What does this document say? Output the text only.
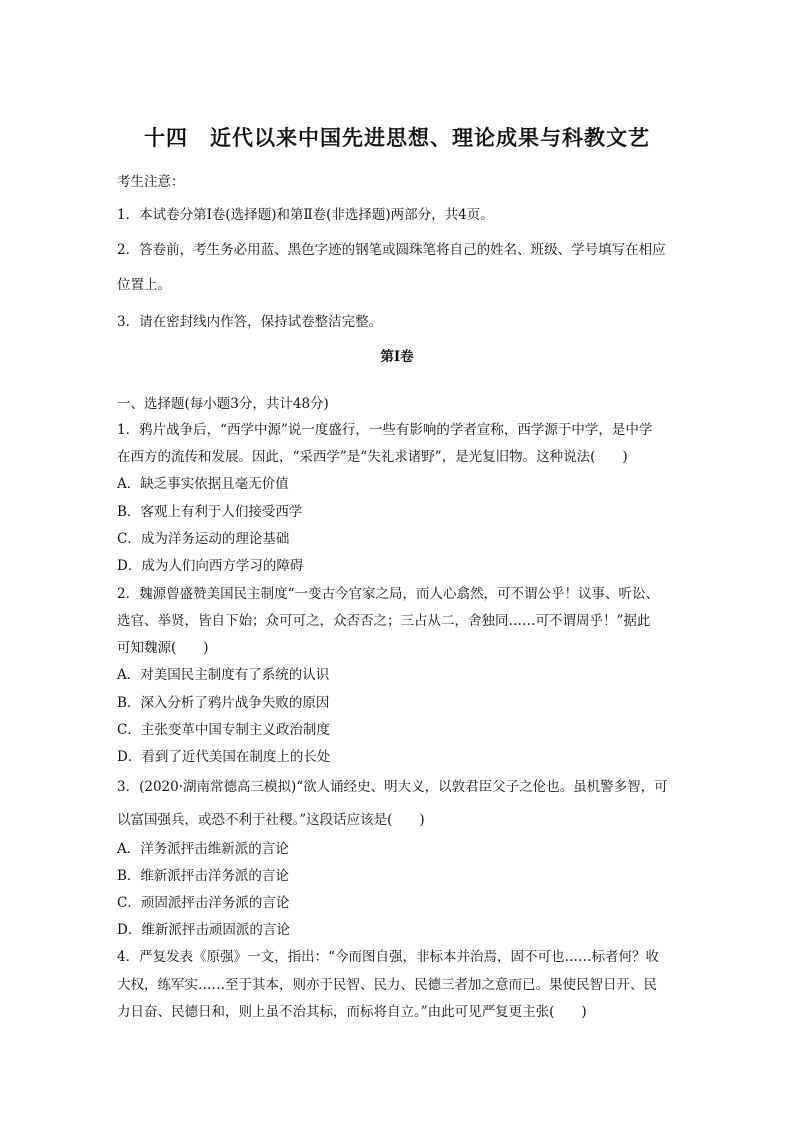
十四　近代以来中国先进思想、理论成果与科教文艺
考生注意：
1．本试卷分第Ⅰ卷(选择题)和第Ⅱ卷(非选择题)两部分，共4页。
2．答卷前，考生务必用蓝、黑色字迹的钢笔或圆珠笔将自己的姓名、班级、学号填写在相应
位置上。
3．请在密封线内作答，保持试卷整洁完整。
第Ⅰ卷
一、选择题(每小题3分，共计48分)
1．鸦片战争后，“西学中源”说一度盛行，一些有影响的学者宣称，西学源于中学，是中学
在西方的流传和发展。因此，“采西学”是“失礼求诸野”，是光复旧物。这种说法(　　)
A．缺乏事实依据且毫无价值
B．客观上有利于人们接受西学
C．成为洋务运动的理论基础
D．成为人们向西方学习的障碍
2．魏源曾盛赞美国民主制度“一变古今官家之局，而人心翕然，可不谓公乎！议事、听讼、
选官、举贤，皆自下始；众可可之，众否否之；三占从二，舍独同……可不谓周乎！”据此
可知魏源(　　)
A．对美国民主制度有了系统的认识
B．深入分析了鸦片战争失败的原因
C．主张变革中国专制主义政治制度
D．看到了近代美国在制度上的长处
3．(2020·湖南常德高三模拟)“欲人诵经史、明大义，以敦君臣父子之伦也。虽机警多智，可
以富国强兵，或恐不利于社稷。”这段话应该是(　　)
A．洋务派抨击维新派的言论
B．维新派抨击洋务派的言论
C．顽固派抨击洋务派的言论
D．维新派抨击顽固派的言论
4．严复发表《原强》一文，指出：“今而图自强，非标本并治焉，固不可也……标者何？收
大权，练军实……至于其本，则亦于民智、民力、民德三者加之意而已。果使民智日开、民
力日奋、民德日和，则上虽不治其标，而标将自立。”由此可见严复更主张(　　)
